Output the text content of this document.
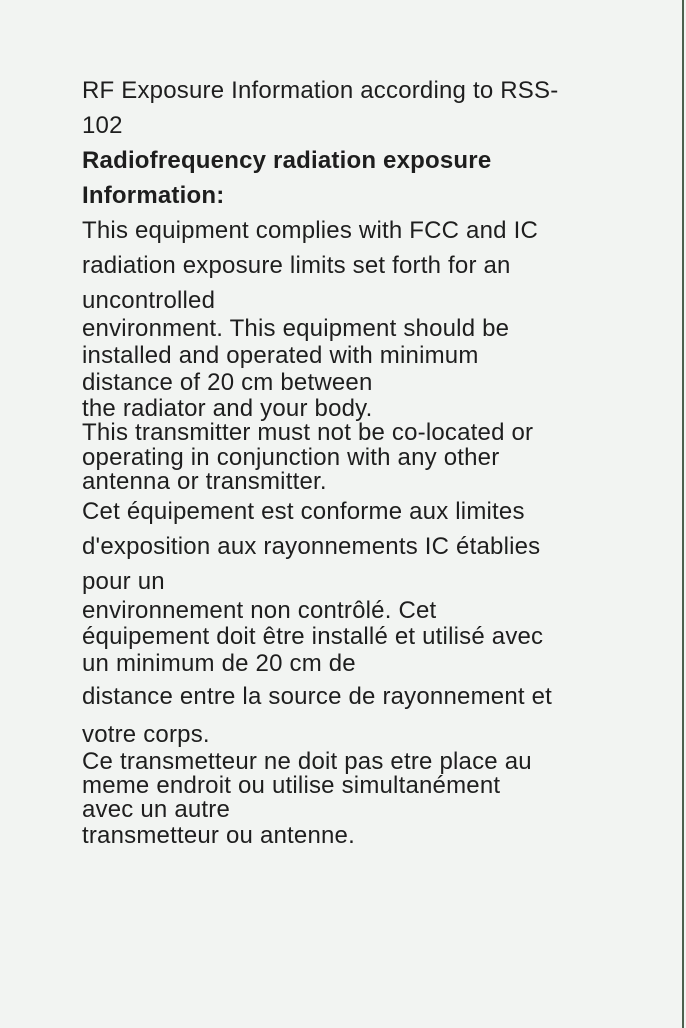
RF Exposure Information according to RSS-
102
Radiofrequency radiation exposure
Information:
This equipment complies with FCC and IC
radiation exposure limits set forth for an
uncontrolled
environment. This equipment should be
installed and operated with minimum
distance of 20 cm between
the radiator and your body.
This transmitter must not be co-located or
operating in conjunction with any other
antenna or transmitter.
Cet équipement est conforme aux limites
d'exposition aux rayonnements IC établies
pour un
environnement non contrôlé. Cet
équipement doit être installé et utilisé avec
un minimum de 20 cm de
distance entre la source de rayonnement et
votre corps.
Ce transmetteur ne doit pas etre place au
meme endroit ou utilise simultanément
avec un autre
transmetteur ou antenne.
